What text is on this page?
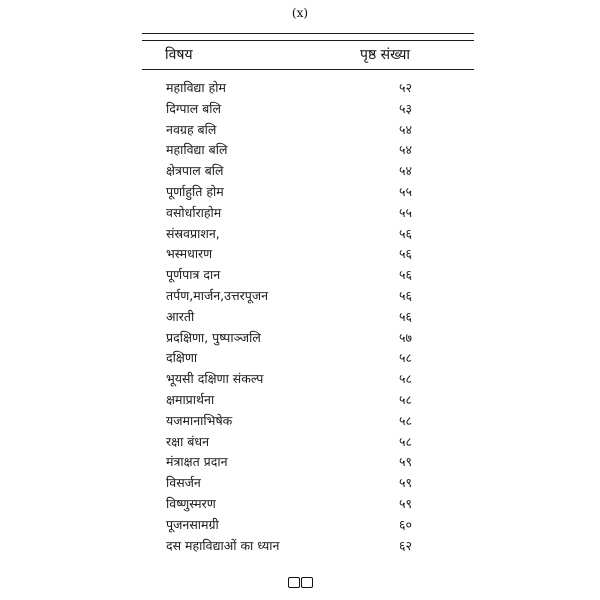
(x)
विषय	पृष्ठ संख्या
महाविद्या होम	५२
दिग्पाल बलि	५३
नवग्रह बलि	५४
महाविद्या बलि	५४
क्षेत्रपाल बलि	५४
पूर्णाहुति होम	५५
वसोर्धाराहोम	५५
संस्रवप्राशन,	५६
भस्मधारण	५६
पूर्णपात्र दान	५६
तर्पण,मार्जन,उत्तरपूजन	५६
आरती	५६
प्रदक्षिणा, पुष्पाञ्जलि	५७
दक्षिणा	५८
भूयसी दक्षिणा संकल्प	५८
क्षमाप्रार्थना	५८
यजमानाभिषेक	५८
रक्षा बंधन	५८
मंत्राक्षत प्रदान	५९
विसर्जन	५९
विष्णुस्मरण	५९
पूजनसामग्री	६०
दस महाविद्याओं का ध्यान	६२
